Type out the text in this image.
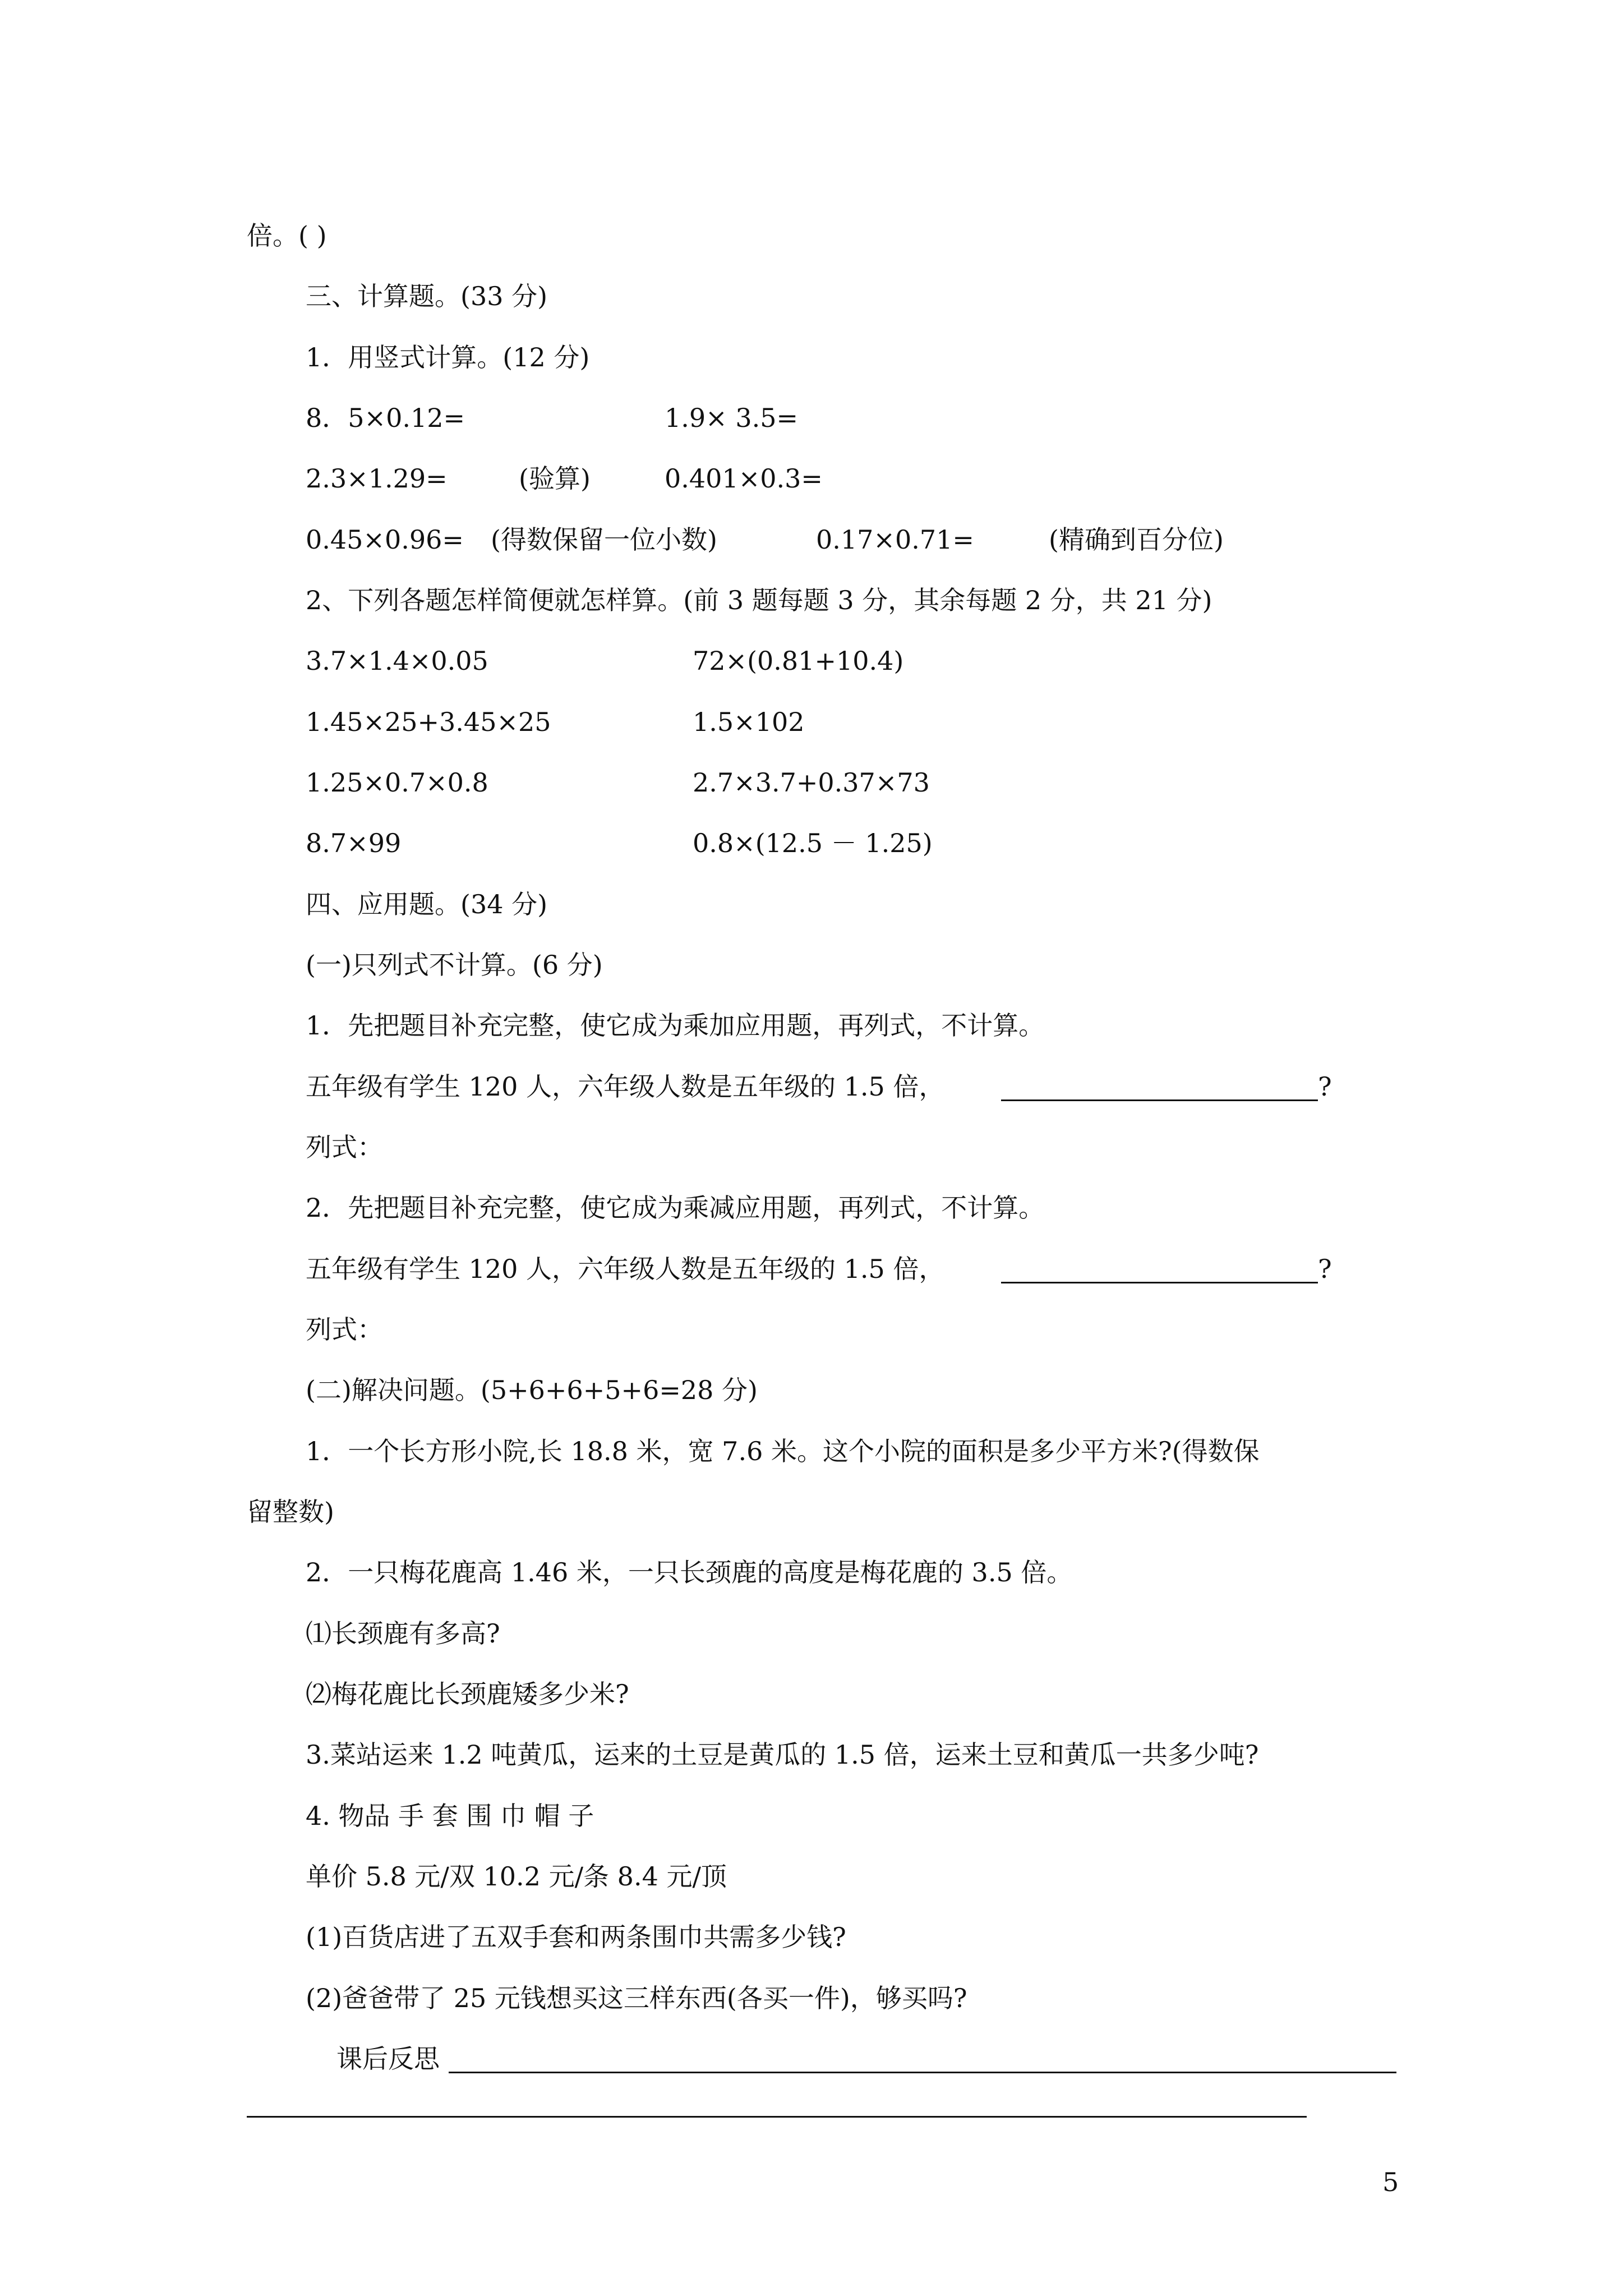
倍。( )
三、计算题。(33 分)
1．用竖式计算。(12 分)
8．5×0.12=	1.9× 3.5=
2.3×1.29=	(验算)	0.401×0.3=
0.45×0.96= (得数保留一位小数)	0.17×0.71=	(精确到百分位)
2、下列各题怎样简便就怎样算。(前 3 题每题 3 分，其余每题 2 分，共 21 分)
3.7×1.4×0.05	72×(0.81+10.4)
1.45×25+3.45×25	1.5×102
1.25×0.7×0.8	2.7×3.7+0.37×73
8.7×99	0.8×(12.5 － 1.25)
四、应用题。(34 分)
(一)只列式不计算。(6 分)
1．先把题目补充完整，使它成为乘加应用题，再列式，不计算。
五年级有学生 120 人，六年级人数是五年级的 1.5 倍，	?
列式：
2．先把题目补充完整，使它成为乘减应用题，再列式，不计算。
五年级有学生 120 人，六年级人数是五年级的 1.5 倍，	?
列式：
(二)解决问题。(5+6+6+5+6=28 分)
1．一个长方形小院,长 18.8 米，宽 7.6 米。这个小院的面积是多少平方米?(得数保
留整数)
2．一只梅花鹿高 1.46 米，一只长颈鹿的高度是梅花鹿的 3.5 倍。
⑴长颈鹿有多高?
⑵梅花鹿比长颈鹿矮多少米?
3.菜站运来 1.2 吨黄瓜，运来的土豆是黄瓜的 1.5 倍，运来土豆和黄瓜一共多少吨?
4. 物品 手 套 围 巾 帽 子
单价 5.8 元/双 10.2 元/条 8.4 元/顶
(1)百货店进了五双手套和两条围巾共需多少钱?
(2)爸爸带了 25 元钱想买这三样东西(各买一件)，够买吗?
课后反思
5
